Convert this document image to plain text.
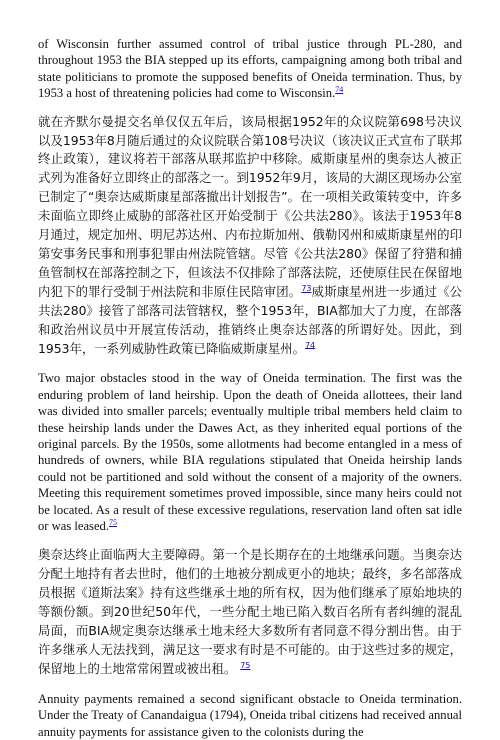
of Wisconsin further assumed control of tribal justice through PL-280, and throughout 1953 the BIA stepped up its efforts, campaigning among both tribal and state politicians to promote the supposed benefits of Oneida termination. Thus, by 1953 a host of threatening policies had come to Wisconsin.$^{74}$

就在齐默尔曼提交名单仅仅五年后，该局根据1952年的众议院第698号决议以及1953年8月随后通过的众议院联合第108号决议（该决议正式宣布了联邦终止政策），建议将若干部落从联邦监护中移除。威斯康星州的奥奈达人被正式列为准备好立即终止的部落之一。到1952年9月，该局的大湖区现场办公室已制定了“奥奈达威斯康星部落撤出计划报告”。在一项相关政策转变中，许多未面临立即终止威胁的部落社区开始受制于《公共法280》。该法于1953年8月通过，规定加州、明尼苏达州、内布拉斯加州、俄勒冈州和威斯康星州的印第安事务民事和刑事犯罪由州法院管辖。尽管《公共法280》保留了狩猎和捕鱼管制权在部落控制之下，但该法不仅排除了部落法院，还使原住民在保留地内犯下的罪行受制于州法院和非原住民陪审团。$^{73}$威斯康星州进一步通过《公共法280》接管了部落司法管辖权，整个1953年，BIA都加大了力度，在部落和政治州议员中开展宣传活动，推销终止奥奈达部落的所谓好处。因此，到1953年，一系列威胁性政策已降临威斯康星州。$^{74}$

Two major obstacles stood in the way of Oneida termination. The first was the enduring problem of land heirship. Upon the death of Oneida allottees, their land was divided into smaller parcels; eventually multiple tribal members held claim to these heirship lands under the Dawes Act, as they inherited equal portions of the original parcels. By the 1950s, some allotments had become entangled in a mess of hundreds of owners, while BIA regulations stipulated that Oneida heirship lands could not be partitioned and sold without the consent of a majority of the owners. Meeting this requirement sometimes proved impossible, since many heirs could not be located. As a result of these excessive regulations, reservation land often sat idle or was leased.$^{75}$

奥奈达终止面临两大主要障碍。第一个是长期存在的土地继承问题。当奥奈达分配土地持有者去世时，他们的土地被分割成更小的地块；最终，多名部落成员根据《道斯法案》持有这些继承土地的所有权，因为他们继承了原始地块的等额份额。到20世纪50年代，一些分配土地已陷入数百名所有者纠缠的混乱局面，而BIA规定奥奈达继承土地未经大多数所有者同意不得分割出售。由于许多继承人无法找到，满足这一要求有时是不可能的。由于这些过多的规定，保留地上的土地常常闲置或被出租。 $^{75}$

Annuity payments remained a second significant obstacle to Oneida termination. Under the Treaty of Canandaigua (1794), Oneida tribal citizens had received annual annuity payments for assistance given to the colonists during the
